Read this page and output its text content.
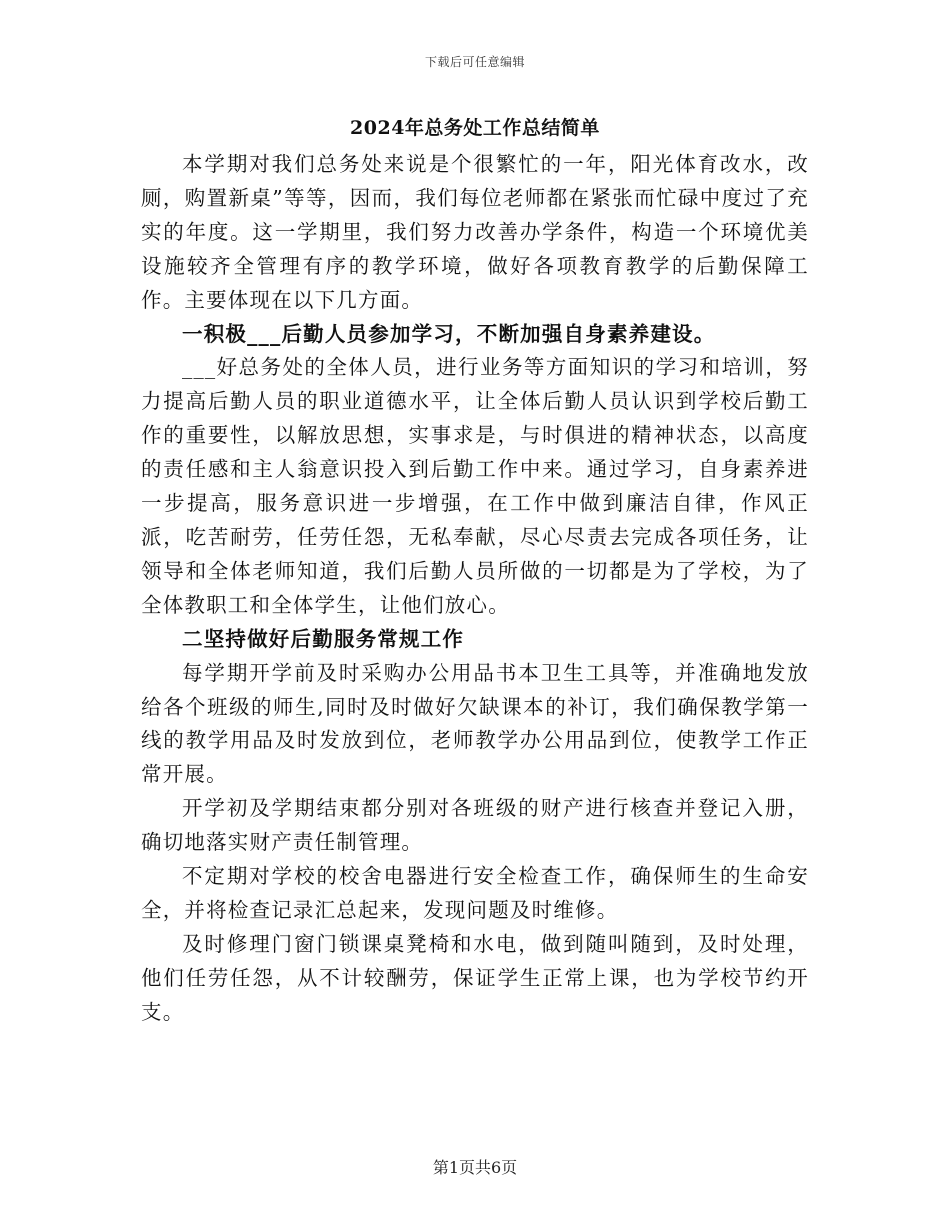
下载后可任意编辑
2024年总务处工作总结简单

本学期对我们总务处来说是个很繁忙的一年，阳光体育改水，改厕，购置新桌”等等，因而，我们每位老师都在紧张而忙碌中度过了充实的年度。这一学期里，我们努力改善办学条件，构造一个环境优美设施较齐全管理有序的教学环境，做好各项教育教学的后勤保障工作。主要体现在以下几方面。

一积极___后勤人员参加学习，不断加强自身素养建设。

___好总务处的全体人员，进行业务等方面知识的学习和培训，努力提高后勤人员的职业道德水平，让全体后勤人员认识到学校后勤工作的重要性，以解放思想，实事求是，与时俱进的精神状态，以高度的责任感和主人翁意识投入到后勤工作中来。通过学习，自身素养进一步提高，服务意识进一步增强，在工作中做到廉洁自律，作风正派，吃苦耐劳，任劳任怨，无私奉献，尽心尽责去完成各项任务，让领导和全体老师知道，我们后勤人员所做的一切都是为了学校，为了全体教职工和全体学生，让他们放心。

二坚持做好后勤服务常规工作

每学期开学前及时采购办公用品书本卫生工具等，并准确地发放给各个班级的师生,同时及时做好欠缺课本的补订，我们确保教学第一线的教学用品及时发放到位，老师教学办公用品到位，使教学工作正常开展。

开学初及学期结束都分别对各班级的财产进行核查并登记入册，确切地落实财产责任制管理。

不定期对学校的校舍电器进行安全检查工作，确保师生的生命安全，并将检查记录汇总起来，发现问题及时维修。

及时修理门窗门锁课桌凳椅和水电，做到随叫随到，及时处理，他们任劳任怨，从不计较酬劳，保证学生正常上课，也为学校节约开支。

第1页共6页
